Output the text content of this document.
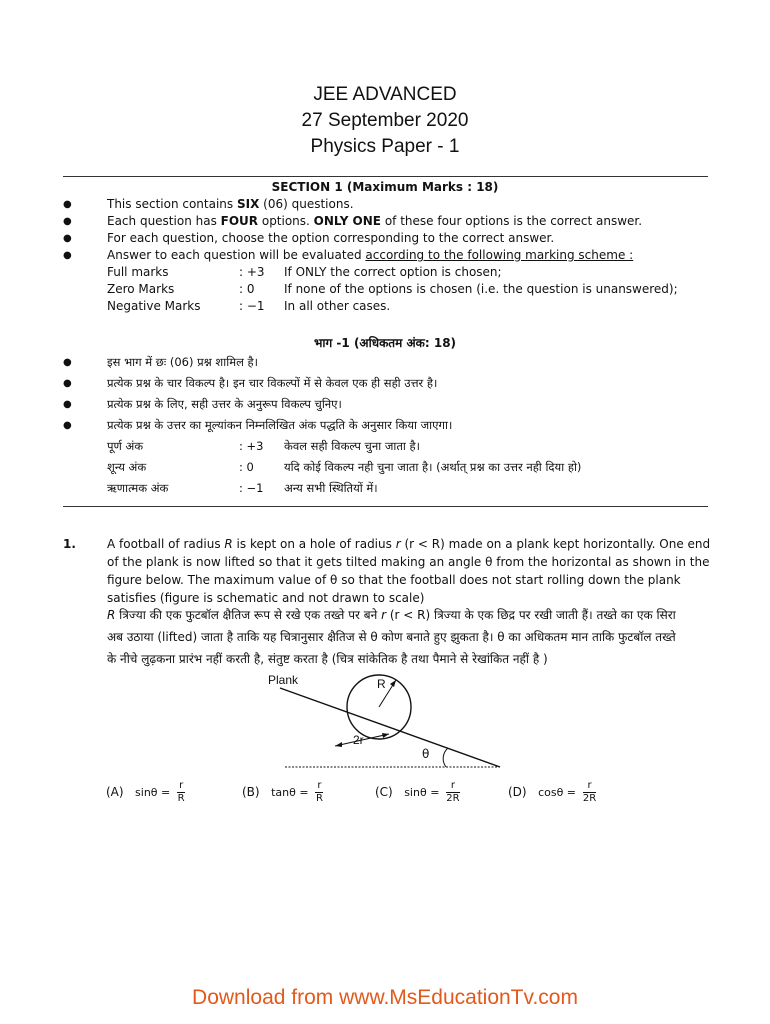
JEE ADVANCED
27 September 2020
Physics Paper - 1
SECTION 1 (Maximum Marks : 18)
●	This section contains SIX (06) questions.
●	Each question has FOUR options. ONLY ONE of these four options is the correct answer.
●	For each question, choose the option corresponding to the correct answer.
●	Answer to each question will be evaluated according to the following marking scheme :
Full marks	: +3 If ONLY the correct option is chosen;
Zero Marks	: 0 If none of the options is chosen (i.e. the question is unanswered);
Negative Marks	: −1 In all other cases.
भाग -1 (अधिकतम अंक: 18)
●	इस भाग में छः (06) प्रश्न शामिल है।
●	प्रत्येक प्रश्न के चार विकल्प है। इन चार विकल्पों में से केवल एक ही सही उत्तर है।
●	प्रत्येक प्रश्न के लिए, सही उत्तर के अनुरूप विकल्प चुनिए।
●	प्रत्येक प्रश्न के उत्तर का मूल्यांकन निम्नलिखित अंक पद्धति के अनुसार किया जाएगा।
पूर्ण अंक	: +3 केवल सही विकल्प चुना जाता है।
शून्य अंक	: 0	यदि कोई विकल्प नही चुना जाता है। (अर्थात् प्रश्न का उत्तर नही दिया हो)
ऋणात्मक अंक	: −1 अन्य सभी स्थितियों में।
1.	A football of radius R is kept on a hole of radius r (r < R) made on a plank kept horizontally. One end
of the plank is now lifted so that it gets tilted making an angle θ from the horizontal as shown in the
figure below. The maximum value of θ so that the football does not start rolling down the plank
satisfies (figure is schematic and not drawn to scale)
R त्रिज्या की एक फुटबॉल क्षैतिज रूप से रखे एक तख्ते पर बने r (r < R) त्रिज्या के एक छिद्र पर रखी जाती हैं। तख्ते का एक सिरा
अब उठाया (lifted) जाता है ताकि यह चित्रानुसार क्षैतिज से θ कोण बनाते हुए झुकता है। θ का अधिकतम मान ताकि फुटबॉल तख्ते
के नीचे लुढ़कना प्रारंभ नहीं करती है, संतुष्ट करता है (चित्र सांकेतिक है तथा पैमाने से रेखांकित नहीं है )
Plank	R
2r
θ
(A) $\sin\theta = \frac{r}{R}$	(B) $\tan\theta = \frac{r}{R}$	(C) $\sin\theta = \frac{r}{2R}$	(D) $\cos\theta = \frac{r}{2R}$
Download from www.MsEducationTv.com
